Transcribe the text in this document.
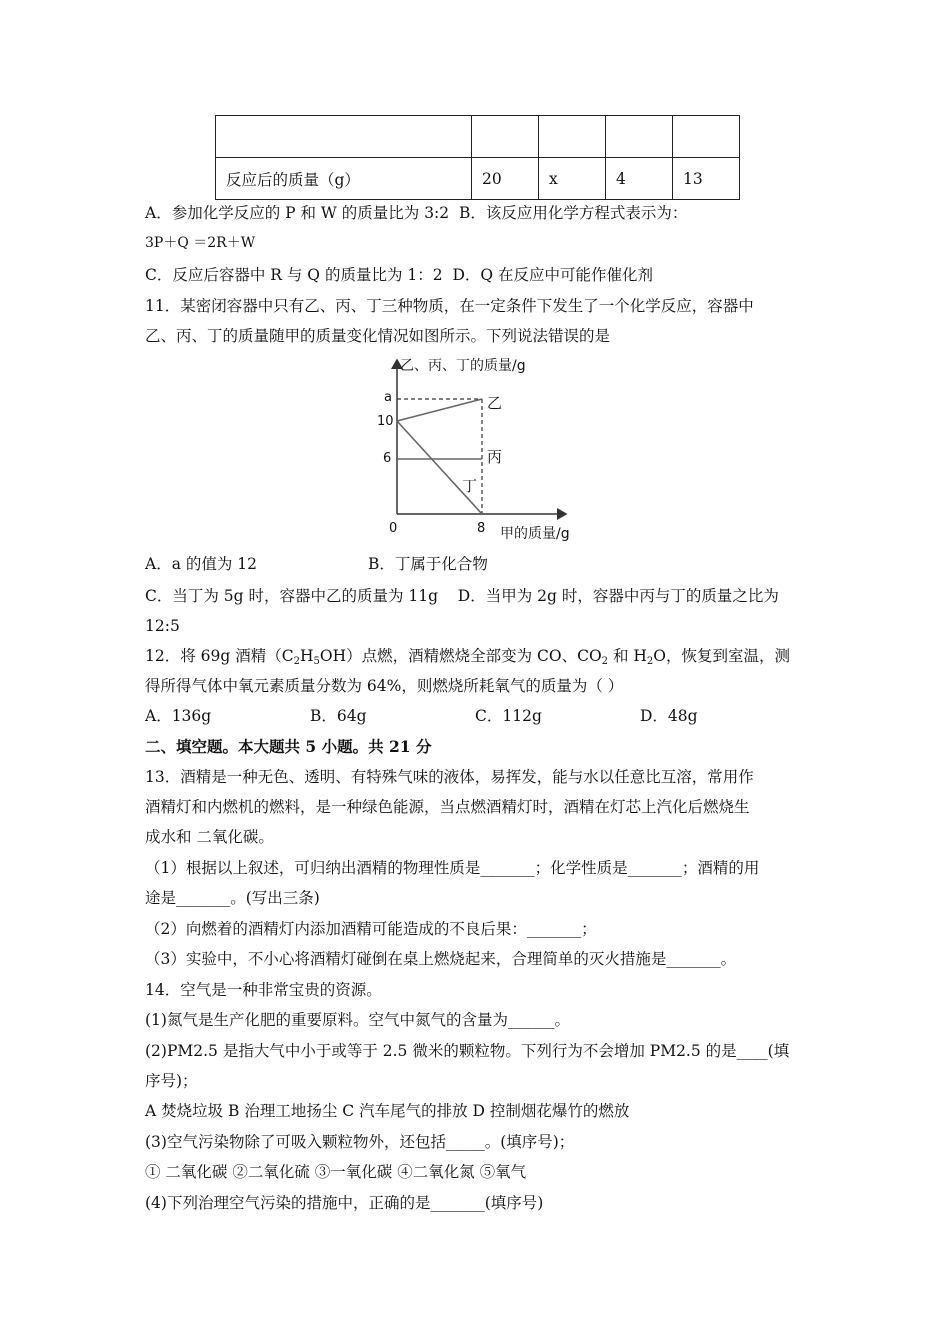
反应后的质量（g）	20	x	4	13
A．参加化学反应的 P 和 W 的质量比为 3:2 B．该反应用化学方程式表示为：
3P＋Q ＝2R＋W
C．反应后容器中 R 与 Q 的质量比为 1：2 D．Q 在反应中可能作催化剂
11．某密闭容器中只有乙、丙、丁三种物质，在一定条件下发生了一个化学反应，容器中
乙、丙、丁的质量随甲的质量变化情况如图所示。下列说法错误的是
乙、丙、丁的质量/g
甲的质量/g
a
10
6
0	8
乙
丙
丁
A．a 的值为 12	B．丁属于化合物
C．当丁为 5g 时，容器中乙的质量为 11g D．当甲为 2g 时，容器中丙与丁的质量之比为
12:5
12．将 69g 酒精$(C_2H_5OH)$点燃，酒精燃烧全部变为 CO、$CO_2$ 和 $H_2O$，恢复到室温，测
得所得气体中氧元素质量分数为 64%，则燃烧所耗氧气的质量为（ ）
A．136g	B．64g	C．112g	D．48g
二、填空题。本大题共 5 小题。共 21 分
13．酒精是一种无色、透明、有特殊气味的液体，易挥发，能与水以任意比互溶，常用作
酒精灯和内燃机的燃料，是一种绿色能源，当点燃酒精灯时，酒精在灯芯上汽化后燃烧生
成水和 二氧化碳。
（1）根据以上叙述，可归纳出酒精的物理性质是_______；化学性质是_______；酒精的用
途是_______。(写出三条)
（2）向燃着的酒精灯内添加酒精可能造成的不良后果：_______；
（3）实验中，不小心将酒精灯碰倒在桌上燃烧起来，合理简单的灭火措施是_______。
14．空气是一种非常宝贵的资源。
(1)氮气是生产化肥的重要原料。空气中氮气的含量为______。
(2)PM2.5 是指大气中小于或等于 2.5 微米的颗粒物。下列行为不会增加 PM2.5 的是____(填
序号)；
A 焚烧垃圾 B 治理工地扬尘 C 汽车尾气的排放 D 控制烟花爆竹的燃放
(3)空气污染物除了可吸入颗粒物外，还包括_____。(填序号)；
① 二氧化碳 ②二氧化硫 ③一氧化碳 ④二氧化氮 ⑤氧气
(4)下列治理空气污染的措施中，正确的是_______(填序号)
